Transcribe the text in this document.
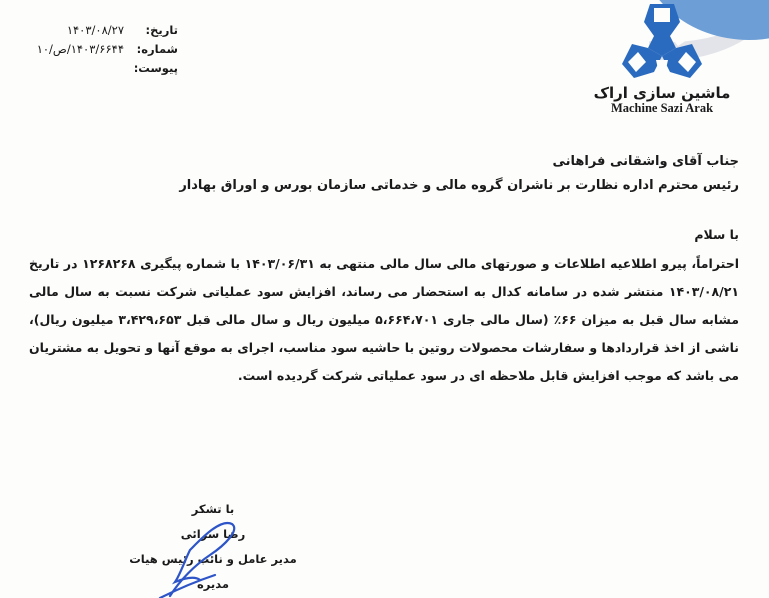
تاریخ:
۱۴۰۳/۰۸/۲۷
شماره:
۱۴۰۳/۶۶۴۴/ص/۱۰
پیوست:
ماشین سازی اراک
Machine Sazi Arak
جناب آقای واشقانی فراهانی
رئیس محترم اداره نظارت بر ناشران گروه مالی و خدماتی سازمان بورس و اوراق بهادار
با سلام

احتراماً، پیرو اطلاعیه اطلاعات و صورتهای مالی سال مالی منتهی به ۱۴۰۳/۰۶/۳۱ با شماره پیگیری ۱۲۶۸۲۶۸ در تاریخ ۱۴۰۳/۰۸/۲۱ منتشر شده در سامانه کدال به استحضار می رساند، افزایش سود عملیاتی شرکت نسبت به سال مالی مشابه سال قبل به میزان ۶۶٪ (سال مالی جاری ۵،۶۶۴،۷۰۱ میلیون ریال و سال مالی قبل ۳،۴۲۹،۶۵۳ میلیون ریال)، ناشی از اخذ قراردادها و سفارشات محصولات روتین با حاشیه سود مناسب، اجرای به موقع آنها و تحویل به مشتریان می باشد که موجب افزایش قابل ملاحظه ای در سود عملیاتی شرکت گردیده است.

با تشکر
رضا سرائی
مدیر عامل و نائب رئیس هیات مدیره
